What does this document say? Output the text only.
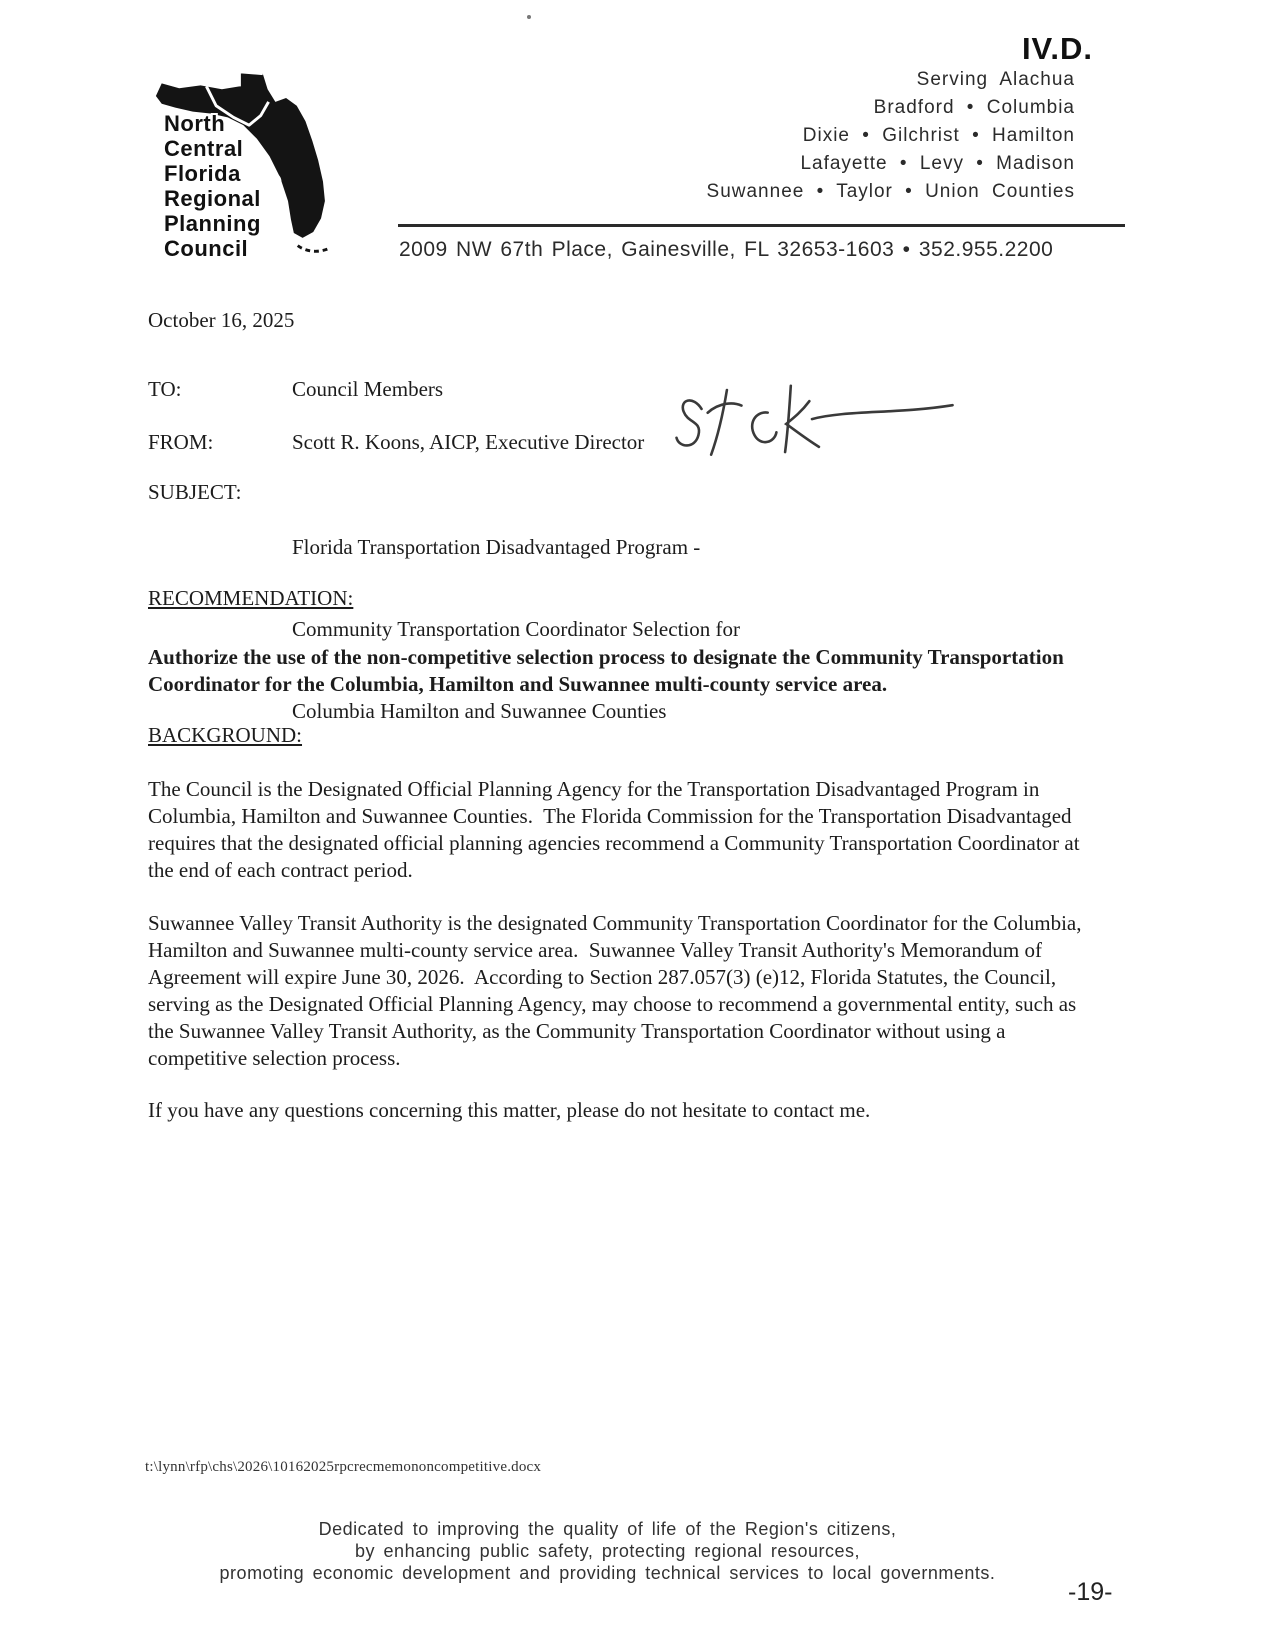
North
Central
Florida
Regional
Planning
Council
IV.D.
Serving Alachua
Bradford • Columbia
Dixie • Gilchrist • Hamilton
Lafayette • Levy • Madison
Suwannee • Taylor • Union Counties
2009 NW 67th Place, Gainesville, FL 32653-1603 • 352.955.2200
October 16, 2025
TO:	Council Members
FROM:	Scott R. Koons, AICP, Executive Director
SUBJECT:

Florida Transportation Disadvantaged Program -

Community Transportation Coordinator Selection for

Columbia Hamilton and Suwannee Counties

RECOMMENDATION:
Authorize the use of the non-competitive selection process to designate the Community Transportation Coordinator for the Columbia, Hamilton and Suwannee multi-county service area.
BACKGROUND:
The Council is the Designated Official Planning Agency for the Transportation Disadvantaged Program in Columbia, Hamilton and Suwannee Counties.  The Florida Commission for the Transportation Disadvantaged requires that the designated official planning agencies recommend a Community Transportation Coordinator at the end of each contract period.
Suwannee Valley Transit Authority is the designated Community Transportation Coordinator for the Columbia, Hamilton and Suwannee multi-county service area.  Suwannee Valley Transit Authority's Memorandum of Agreement will expire June 30, 2026.  According to Section 287.057(3) (e)12, Florida Statutes, the Council, serving as the Designated Official Planning Agency, may choose to recommend a governmental entity, such as the Suwannee Valley Transit Authority, as the Community Transportation Coordinator without using a competitive selection process.
If you have any questions concerning this matter, please do not hesitate to contact me.
t:\lynn\rfp\chs\2026\10162025rpcrecmemononcompetitive.docx
Dedicated to improving the quality of life of the Region's citizens,
by enhancing public safety, protecting regional resources,
promoting economic development and providing technical services to local governments.
-19-
